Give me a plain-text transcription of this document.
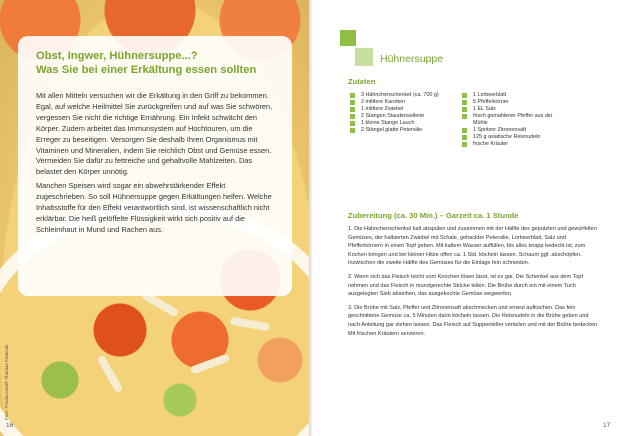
Obst, Ingwer, Hühnersuppe...?
Was Sie bei einer Erkältung essen sollten

Mit allen Mitteln versuchen wir die Erkältung in den Griff zu bekommen. Egal, auf welche Heilmittel Sie zurückgreifen und auf was Sie schwören, vergessen Sie nicht die richtige Ernährung. Ein Infekt schwächt den Körper. Zudem arbeitet das Immunsystem auf Hochtouren, um die Erreger zu beseitigen. Versorgen Sie deshalb Ihren Organismus mit Vitaminen und Mineralien, indem Sie reichlich Obst und Gemüse essen. Vermeiden Sie dafür zu fettreiche und gehaltvolle Mahlzeiten. Das belastet den Körper unnötig.

Manchen Speisen wird sogar ein abwehrstärkender Effekt zugeschrieben. So soll Hühnersuppe gegen Erkältungen helfen. Welche Inhaltsstoffe für den Effekt verantwortlich sind, ist wissenschaftlich nicht erklärbar. Die heiß gelöffelte Flüssigkeit wirkt sich positiv auf die Schleimhaut in Mund und Rachen aus.

Foto: Fotolia.com/© Thomas Francois
16
Hühnersuppe
Zutaten
3 Hähnchenschenkel (ca. 700 g)
2 mittlere Karotten
1 mittlere Zwiebel
2 Stangen Staudensellerie
1 kleine Stange Lauch
2 Stängel glatte Petersilie
1 Lorbeerblatt
5 Pfefferkörner
1 EL Salz
frisch gemahlener Pfeffer aus der Mühle
1 Spritzer Zitronensaft
125 g asiatische Reisnudeln
frische Kräuter
Zubereitung (ca. 30 Min.) – Garzeit ca. 1 Stunde

1. Die Hähnchenschenkel kalt abspülen und zusammen mit der Hälfte des geputzten und gewürfelten Gemüses, der halbierten Zwiebel mit Schale, gehackter Petersilie, Lorbeerblatt, Salz und Pfefferkörnern in einen Topf geben. Mit kaltem Wasser auffüllen, bis alles knapp bedeckt ist, zum Kochen bringen und bei kleiner Hitze offen ca. 1 Std. köcheln lassen. Schaum ggf. abschöpfen. Inzwischen die zweite Hälfte des Gemüses für die Einlage fein schneiden.

2. Wenn sich das Fleisch leicht vom Knochen lösen lässt, ist es gar. Die Schenkel aus dem Topf nehmen und das Fleisch in mundgerechte Stücke teilen. Die Brühe durch ein mit einem Tuch ausgelegten Sieb abseihen, das ausgekochte Gemüse wegwerfen.

3. Die Brühe mit Salz, Pfeffer und Zitronensaft abschmecken und erneut aufkochen. Das fein geschnittene Gemüse ca. 5 Minuten darin köcheln lassen. Die Reisnudeln in die Brühe geben und nach Anleitung gar ziehen lassen. Das Fleisch auf Suppenteller verteilen und mit der Brühe bedecken. Mit frischen Kräutern servieren.

17
